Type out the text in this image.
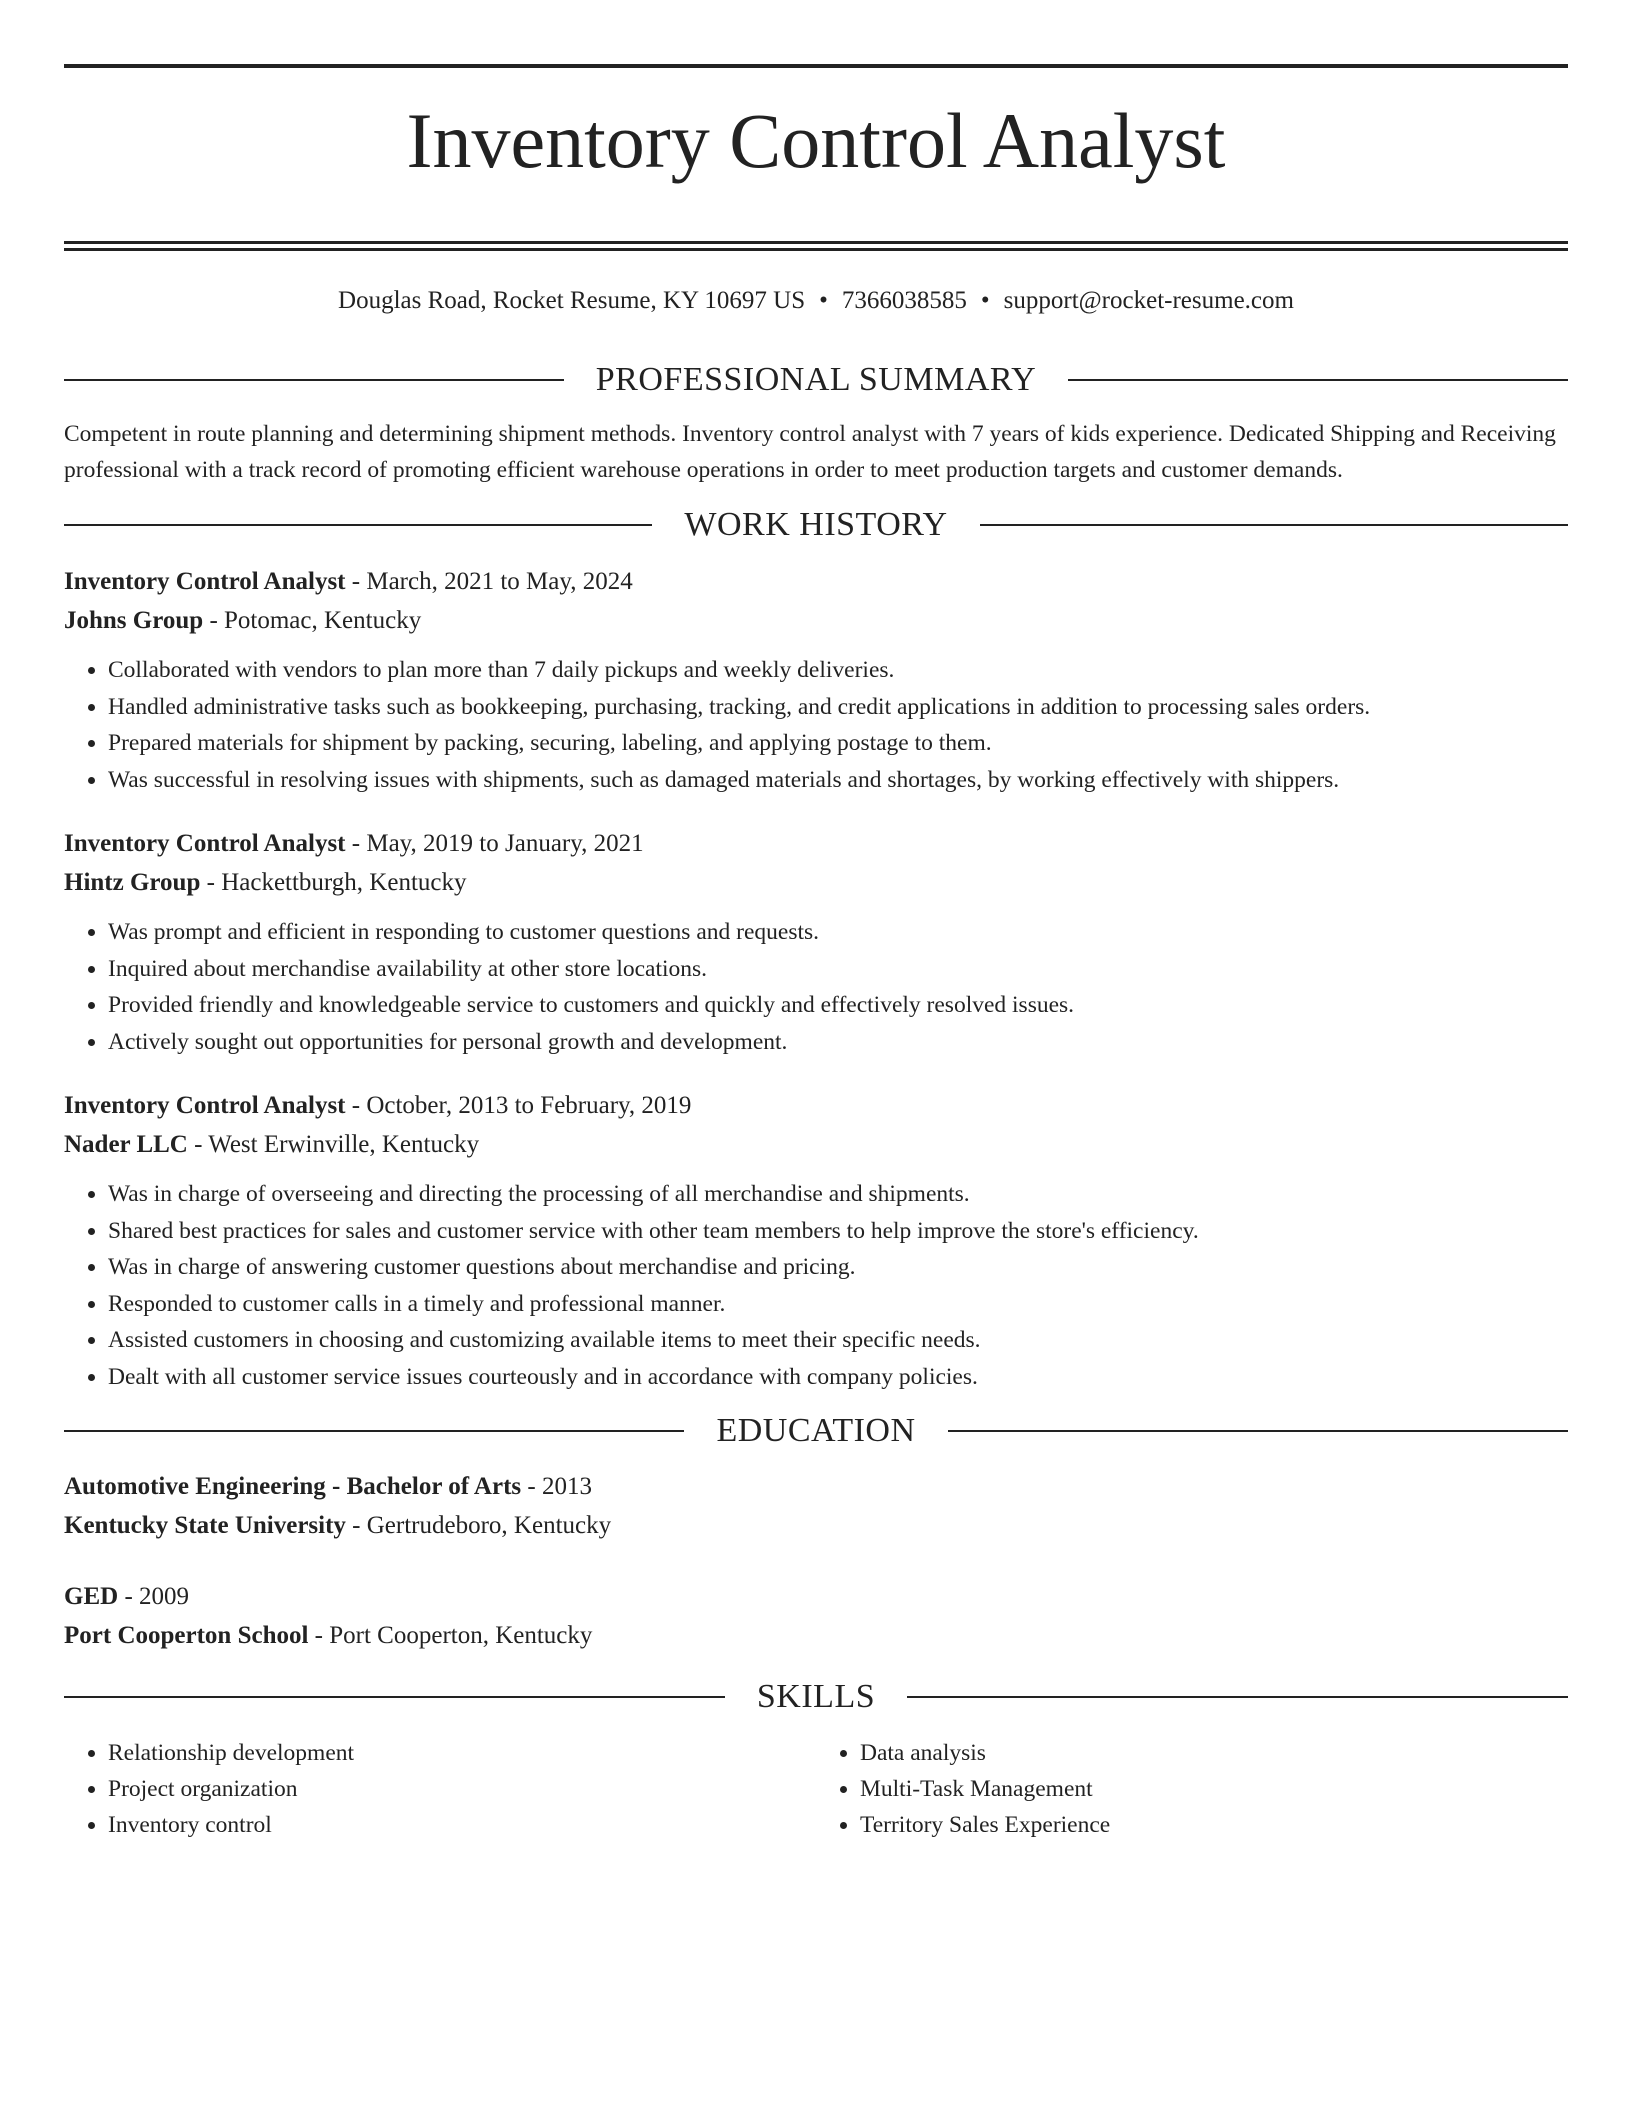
Inventory Control Analyst
Douglas Road, Rocket Resume, KY 10697 US • 7366038585 • support@rocket-resume.com
PROFESSIONAL SUMMARY
Competent in route planning and determining shipment methods. Inventory control analyst with 7 years of kids experience. Dedicated Shipping and Receiving professional with a track record of promoting efficient warehouse operations in order to meet production targets and customer demands.
WORK HISTORY
Inventory Control Analyst - March, 2021 to May, 2024
Johns Group - Potomac, Kentucky
• Collaborated with vendors to plan more than 7 daily pickups and weekly deliveries.
• Handled administrative tasks such as bookkeeping, purchasing, tracking, and credit applications in addition to processing sales orders.
• Prepared materials for shipment by packing, securing, labeling, and applying postage to them.
• Was successful in resolving issues with shipments, such as damaged materials and shortages, by working effectively with shippers.
Inventory Control Analyst - May, 2019 to January, 2021
Hintz Group - Hackettburgh, Kentucky
• Was prompt and efficient in responding to customer questions and requests.
• Inquired about merchandise availability at other store locations.
• Provided friendly and knowledgeable service to customers and quickly and effectively resolved issues.
• Actively sought out opportunities for personal growth and development.
Inventory Control Analyst - October, 2013 to February, 2019
Nader LLC - West Erwinville, Kentucky
• Was in charge of overseeing and directing the processing of all merchandise and shipments.
• Shared best practices for sales and customer service with other team members to help improve the store's efficiency.
• Was in charge of answering customer questions about merchandise and pricing.
• Responded to customer calls in a timely and professional manner.
• Assisted customers in choosing and customizing available items to meet their specific needs.
• Dealt with all customer service issues courteously and in accordance with company policies.
EDUCATION
Automotive Engineering - Bachelor of Arts - 2013
Kentucky State University - Gertrudeboro, Kentucky
GED - 2009
Port Cooperton School - Port Cooperton, Kentucky
SKILLS
• Relationship development
• Project organization
• Inventory control
• Data analysis
• Multi-Task Management
• Territory Sales Experience
